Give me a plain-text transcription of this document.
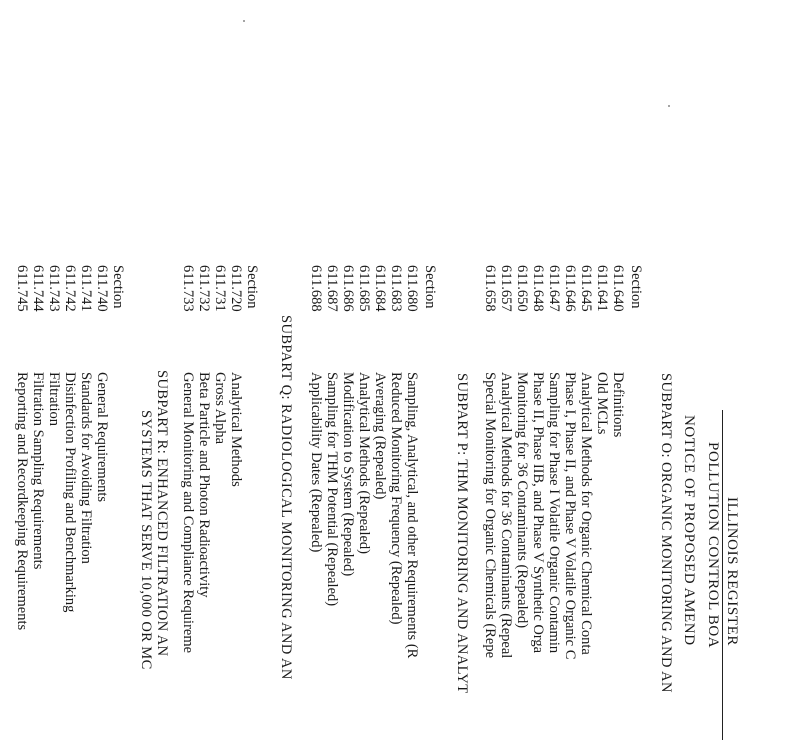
ILLINOIS REGISTER
POLLUTION CONTROL BOA
NOTICE OF PROPOSED AMEND
SUBPART O: ORGANIC MONITORING AND AN
Section
611.640
Definitions
611.641
Old MCLs
611.645
Analytical Methods for Organic Chemical Conta
611.646
Phase I, Phase II, and Phase V Volatile Organic C
611.647
Sampling for Phase I Volatile Organic Contamin
611.648
Phase II, Phase IIB, and Phase V Synthetic Orga
611.650
Monitoring for 36 Contaminants (Repealed)
611.657
Analytical Methods for 36 Contaminants (Repeal
611.658
Special Monitoring for Organic Chemicals (Repe
SUBPART P: THM MONITORING AND ANALYT
Section
611.680
Sampling, Analytical, and other Requirements (R
611.683
Reduced Monitoring Frequency (Repealed)
611.684
Averaging (Repealed)
611.685
Analytical Methods (Repealed)
611.686
Modification to System (Repealed)
611.687
Sampling for THM Potential (Repealed)
611.688
Applicability Dates (Repealed)
SUBPART Q: RADIOLOGICAL MONITORING AND AN
Section
611.720
Analytical Methods
611.731
Gross Alpha
611.732
Beta Particle and Photon Radioactivity
611.733
General Monitoring and Compliance Requireme
SUBPART R: ENHANCED FILTRATION AN
SYSTEMS THAT SERVE 10,000 OR MC
Section
611.740
General Requirements
611.741
Standards for Avoiding Filtration
611.742
Disinfection Profiling and Benchmarking
611.743
Filtration
611.744
Filtration Sampling Requirements
611.745
Reporting and Recordkeeping Requirements
